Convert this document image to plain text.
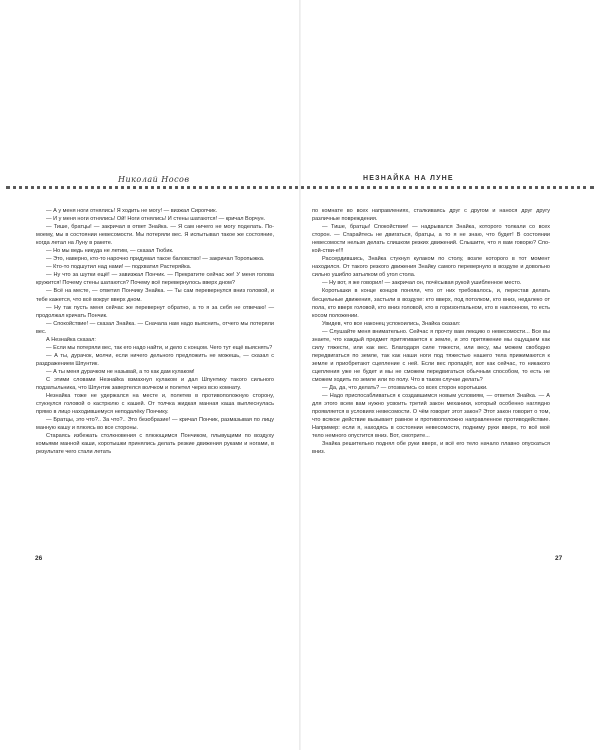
Николай Носов	НЕЗНАЙКА НА ЛУНЕ

— А у меня ноги отнялись! Я ходить не могу! — визжал Сиропчик.

— И у меня ноги отнялись! Ой! Ноги отнялись! И стены шатаются! — кричал Ворчун.

— Тише, братцы! — закричал в ответ Знайка. — Я сам ничего не могу поделать. По-моему, мы в состоянии невесомости. Мы потеряли вес. Я испытывал такое же состояние, когда летал на Луну в ракете.

— Но мы ведь никуда не летим, — сказал Тюбик.

— Это, наверно, кто-то нарочно придумал такое баловство! — закричал Торопыжка.

— Кто-то подшутил над нами! — подхватил Растеряйка.

— Ну что за шутки ещё! — завизжал Пончик. — Прекратите сейчас же! У меня голова кружится! Почему стены шатаются? Почему всё перевернулось вверх дном?

— Всё на месте, — ответил Пончику Знайка. — Ты сам перевернулся вниз головой, и тебе кажется, что всё вокруг вверх дном.

— Ну так пусть меня сейчас же перевернут обратно, а то я за себя не отвечаю! — продолжал кричать Пончик.

— Спокойствие! — сказал Знайка. — Сначала нам надо выяснить, отчего мы потеряли вес.

А Незнайка сказал:

— Если мы потеряли вес, так его надо найти, и дело с концом. Чего тут ещё выяснять?

— А ты, дурачок, молчи, если ничего дельного предложить не можешь, — сказал с раздражением Шпунтик.

— А ты меня дурачком не называй, а то как дам кулаком!

С этими словами Незнайка взмахнул кулаком и дал Шпунтику такого сильного подзатыльника, что Шпунтик завертелся волчком и полетел через всю комнату.

Незнайка тоже не удержался на месте и, полетев в противоположную сторону, стукнулся головой о кастрюлю с кашей. От толчка жидкая манная каша выплеснулась прямо в лицо находившемуся неподалёку Пончику.

— Братцы, это что?.. За что?.. Это безобразие! — кричал Пончик, размазывая по лицу манную кашу и плюясь во все стороны.

Стараясь избежать столкновения с плюющимся Пончиком, плывущими по воздуху комьями манной каши, коротышки принялись делать резкие движения руками и ногами, в результате чего стали летать

по комнате во всех направлениях, сталкиваясь друг с другом и нанося друг другу различные повреждения.

— Тише, братцы! Спокойствие! — надрывался Знайка, которого толкали со всех сторон. — Старайтесь не двигаться, братцы, а то я не знаю, что будет! В состоянии невесомости нельзя делать слишком резких движений. Слышите, что я вам говорю? Спо-кой-стви-е!!!

Рассердившись, Знайка стукнул кулаком по столу, возле которого в тот момент находился. От такого резкого движения Знайку самого перевернуло в воздухе и довольно сильно ушибло затылком об угол стола.

— Ну вот, я же говорил! — закричал он, почёсывая рукой ушибленное место.

Коротышки в конце концов поняли, что от них требовалось, и, перестав делать бесцельные движения, застыли в воздухе: кто вверх, под потолком, кто вниз, недалеко от пола, кто вверх головой, кто вниз головой, кто в горизонтальном, кто в наклонном, то есть косом положении.

Увидев, что все наконец успокоились, Знайка сказал:

— Слушайте меня внимательно. Сейчас я прочту вам лекцию о невесомости... Все вы знаете, что каждый предмет притягивается к земле, и это притяжение мы ощущаем как силу тяжести, или как вес. Благодаря силе тяжести, или весу, мы можем свободно передвигаться по земле, так как наши ноги под тяжестью нашего тела прижимаются к земле и приобретают сцепление с ней. Если вес пропадёт, вот как сейчас, то никакого сцепления уже не будет и мы не сможем передвигаться обычным способом, то есть не сможем ходить по земле или по полу. Что в таком случае делать?

— Да, да, что делать? — отозвались со всех сторон коротышки.

— Надо приспосабливаться к создавшимся новым условиям, — ответил Знайка. — А для этого всем вам нужно усвоить третий закон механики, который особенно наглядно проявляется в условиях невесомости. О чём говорит этот закон? Этот закон говорит о том, что всякое действие вызывает равное и противоположно направленное противодействие. Например: если я, находясь в состоянии невесомости, подниму руки вверх, то всё моё тело немного опустится вниз. Вот, смотрите...

Знайка решительно поднял обе руки вверх, и всё его тело начало плавно опускаться вниз.

26	27
